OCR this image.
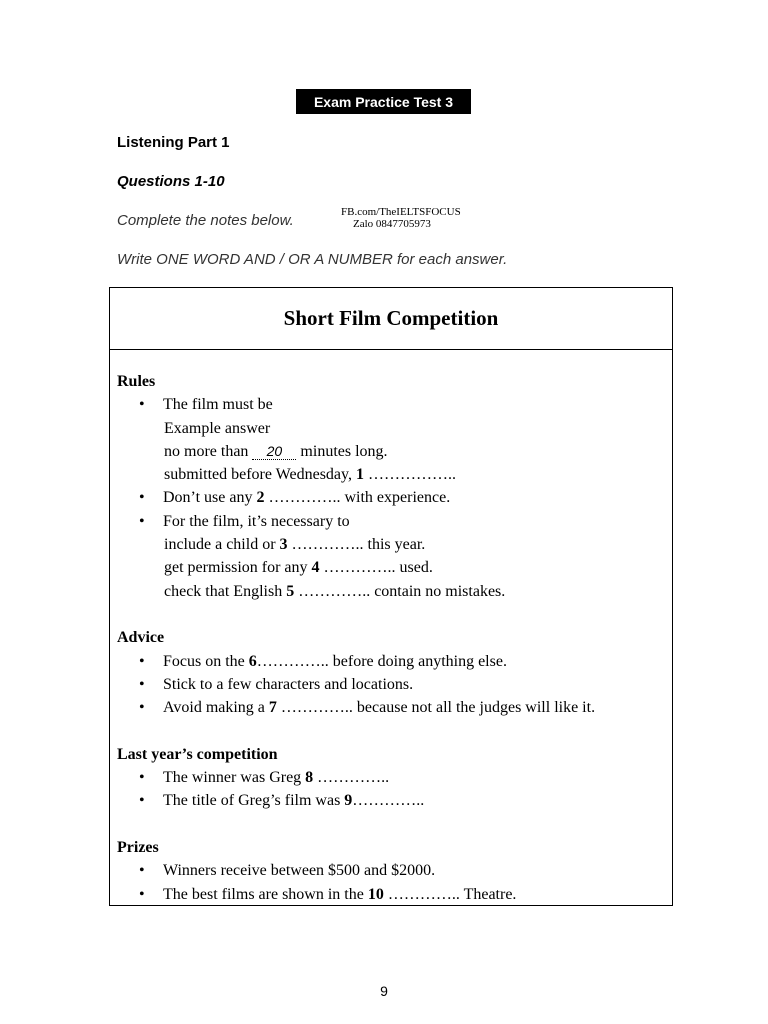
Exam Practice Test 3
Listening Part 1
Questions 1-10
Complete the notes below.	FB.com/TheIELTSFOCUS
Zalo 0847705973
Write ONE WORD AND / OR A NUMBER for each answer.
Short Film Competition
Rules
• The film must be
Example answer
no more than 20 minutes long.
submitted before Wednesday, 1 ……………..
• Don’t use any 2 ………….. with experience.
• For the film, it’s necessary to
include a child or 3 ………….. this year.
get permission for any 4 ………….. used.
check that English 5 ………….. contain no mistakes.
Advice
• Focus on the 6………….. before doing anything else.
• Stick to a few characters and locations.
• Avoid making a 7 ………….. because not all the judges will like it.
Last year’s competition
• The winner was Greg 8 …………..
• The title of Greg’s film was 9…………..
Prizes
• Winners receive between $500 and $2000.
• The best films are shown in the 10 ………….. Theatre.
9
